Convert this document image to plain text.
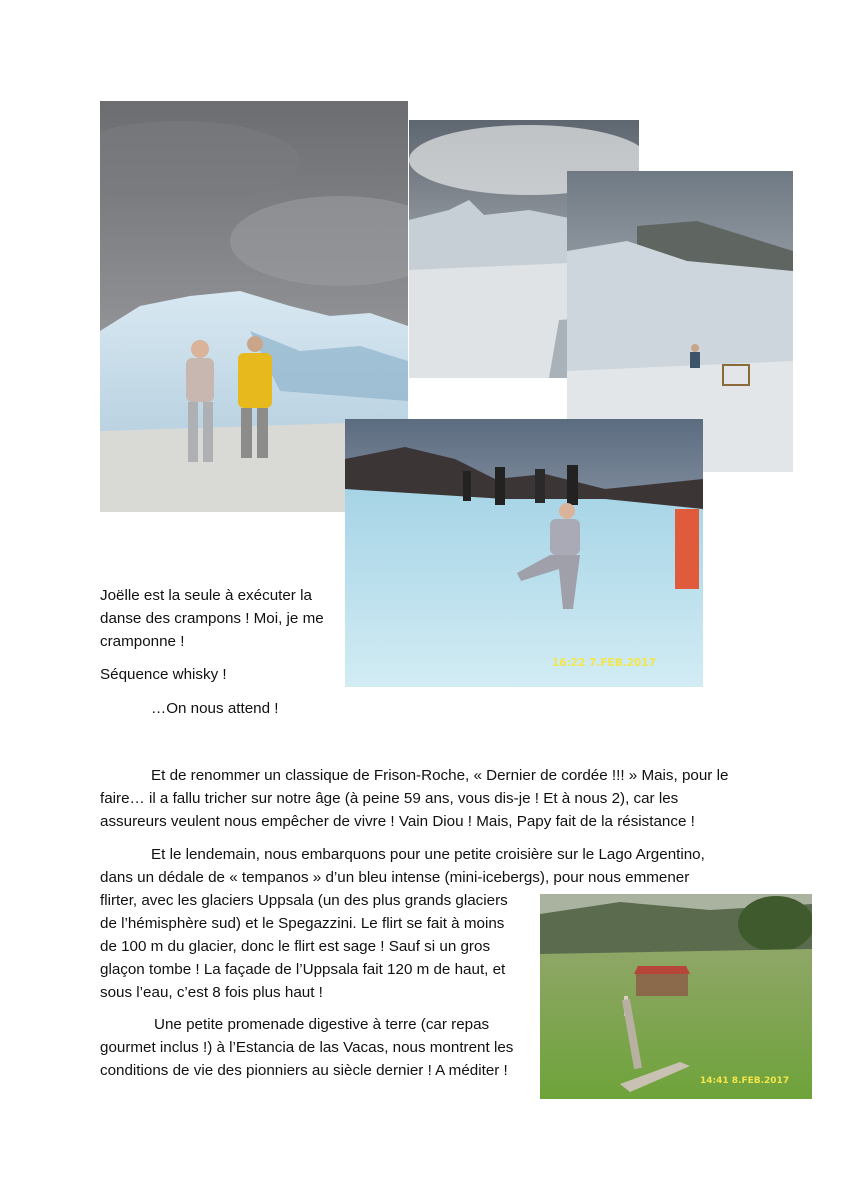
16:22 7.FEB.2017
14:41 8.FEB.2017

Joëlle est la seule à exécuter la
danse des crampons ! Moi, je me
cramponne !

Séquence whisky !

…On nous attend !

Et de renommer un classique de Frison-Roche, « Dernier de cordée !!! » Mais, pour le
faire… il a fallu tricher sur notre âge (à peine 59 ans, vous dis-je ! Et à nous 2), car les
assureurs veulent nous empêcher de vivre ! Vain Diou ! Mais, Papy fait de la résistance !

Et le lendemain, nous embarquons pour une petite croisière sur le Lago Argentino,
dans un dédale de « tempanos » d’un bleu intense (mini-icebergs), pour nous emmener
flirter, avec les glaciers Uppsala (un des plus grands glaciers
de l’hémisphère sud) et le Spegazzini. Le flirt se fait à moins
de 100 m du glacier, donc le flirt est sage ! Sauf si un gros
glaçon tombe ! La façade de l’Uppsala fait 120 m de haut, et
sous l’eau, c’est 8 fois plus haut !

Une petite promenade digestive à terre (car repas
gourmet inclus !) à l’Estancia de las Vacas, nous montrent les
conditions de vie des pionniers au siècle dernier ! A méditer !
